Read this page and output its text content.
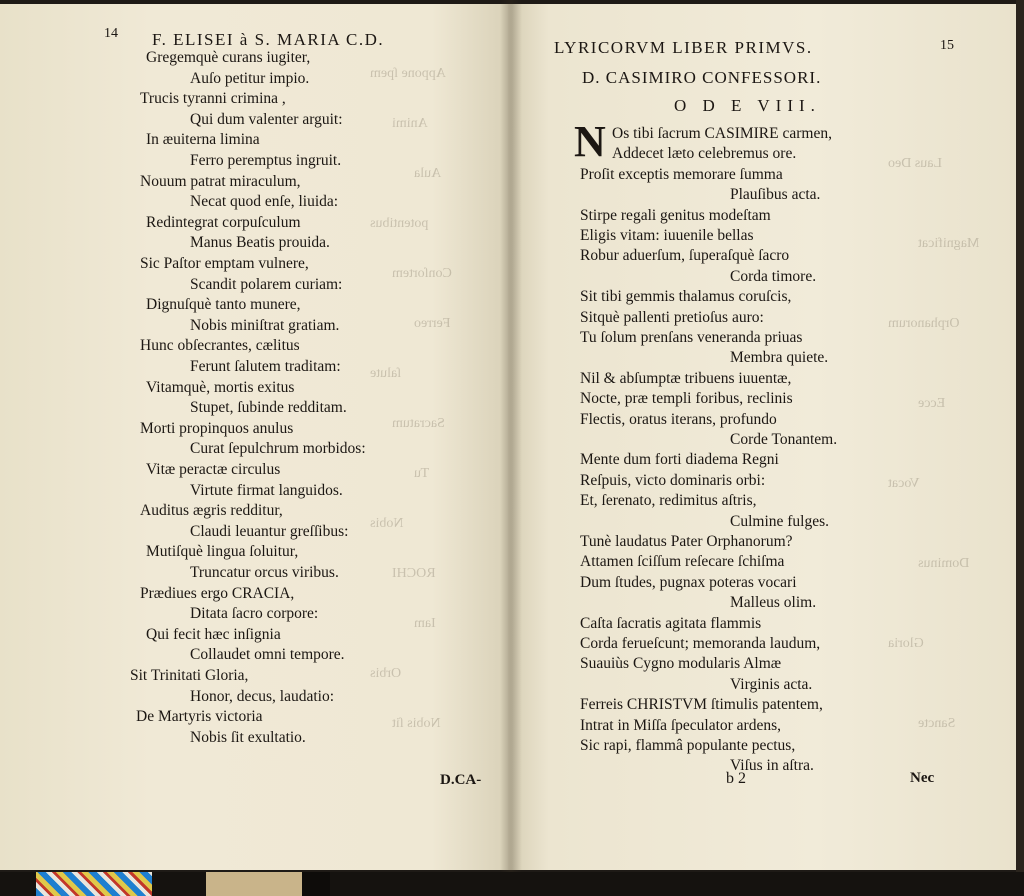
Appone ſpem
Animi
Aula
potentibus
Conſortem
Ferreo
ſalute
Sacratum
Tu
Nobis
ROCHI
Iam
Orbis
Nobis ſit
14 F. ELISEI à S. MARIA C.D.
Gregemquè curans iugiter,
Auſo petitur impio.
Trucis tyranni crimina ,
Qui dum valenter arguit:
In æuiterna limina
Ferro peremptus ingruit.
Nouum patrat miraculum,
Necat quod enſe, liuida:
Redintegrat corpuſculum
Manus Beatis prouida.
Sic Paſtor emptam vulnere,
Scandit polarem curiam:
Dignuſquè tanto munere,
Nobis miniſtrat gratiam.
Hunc obſecrantes, cælitus
Ferunt ſalutem traditam:
Vitamquè, mortis exitus
Stupet, ſubinde redditam.
Morti propinquos anulus
Curat ſepulchrum morbidos:
Vitæ peractæ circulus
Virtute firmat languidos.
Auditus ægris redditur,
Claudi leuantur greſſibus:
Mutiſquè lingua ſoluitur,
Truncatur orcus viribus.
Prædiues ergo CRACIA,
Ditata ſacro corpore:
Qui fecit hæc inſignia
Collaudet omni tempore.
Sit Trinitati Gloria,
Honor, decus, laudatio:
De Martyris victoria
Nobis ſit exultatio.
D.CA-
Laus Deo
Magnificat
Orphanorum
Ecce
Vocat
Dominus
Gloria
Sancte
LYRICORVM LIBER PRIMVS.	15
D. CASIMIRO CONFESSORI.
O D E VIII.
N Os tibi ſacrum CASIMIRE carmen,
Addecet læto celebremus ore.
Proſit exceptis memorare ſumma
Plauſibus acta.
Stirpe regali genitus modeſtam
Eligis vitam: iuuenile bellas
Robur aduerſum, ſuperaſquè ſacro
Corda timore.
Sit tibi gemmis thalamus coruſcis,
Sitquè pallenti pretioſus auro:
Tu ſolum prenſans veneranda priuas
Membra quiete.
Nil & abſumptæ tribuens iuuentæ,
Nocte, præ templi foribus, reclinis
Flectis, oratus iterans, profundo
Corde Tonantem.
Mente dum forti diadema Regni
Reſpuis, victo dominaris orbi:
Et, ſerenato, redimitus aſtris,
Culmine fulges.
Tunè laudatus Pater Orphanorum?
Attamen ſciſſum reſecare ſchiſma
Dum ſtudes, pugnax poteras vocari
Malleus olim.
Caſta ſacratis agitata flammis
Corda ferueſcunt; memoranda laudum,
Suauiùs Cygno modularis Almæ
Virginis acta.
Ferreis CHRISTVM ſtimulis patentem,
Intrat in Miſſa ſpeculator ardens,
Sic rapi, flammâ populante pectus,
Viſus in aſtra.
b 2	Nec
